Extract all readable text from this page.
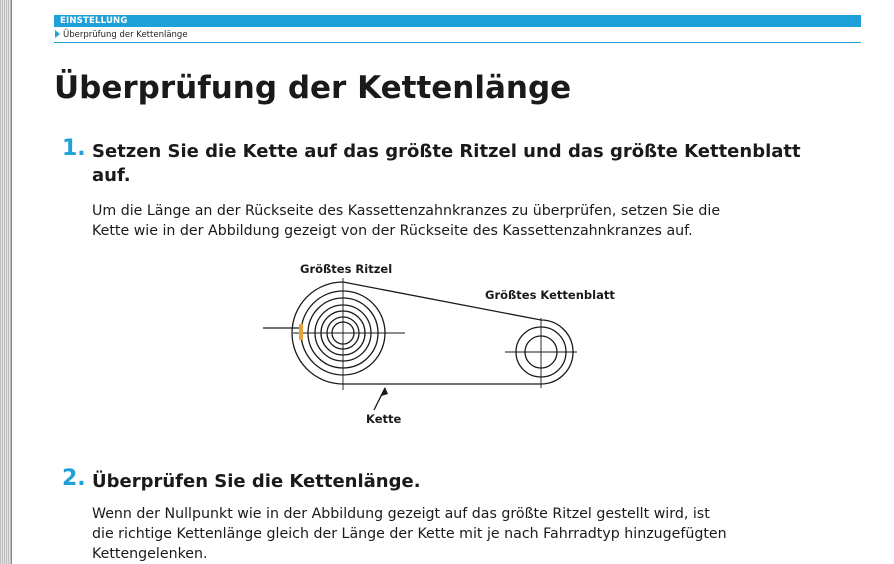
EINSTELLUNG
Überprüfung der Kettenlänge
Überprüfung der Kettenlänge
1. Setzen Sie die Kette auf das größte Ritzel und das größte Kettenblatt
auf.
Um die Länge an der Rückseite des Kassettenzahnkranzes zu überprüfen, setzen Sie die
Kette wie in der Abbildung gezeigt von der Rückseite des Kassettenzahnkranzes auf.
Größtes Ritzel
Größtes Kettenblatt
Kette
2. Überprüfen Sie die Kettenlänge.
Wenn der Nullpunkt wie in der Abbildung gezeigt auf das größte Ritzel gestellt wird, ist
die richtige Kettenlänge gleich der Länge der Kette mit je nach Fahrradtyp hinzugefügten
Kettengelenken.
